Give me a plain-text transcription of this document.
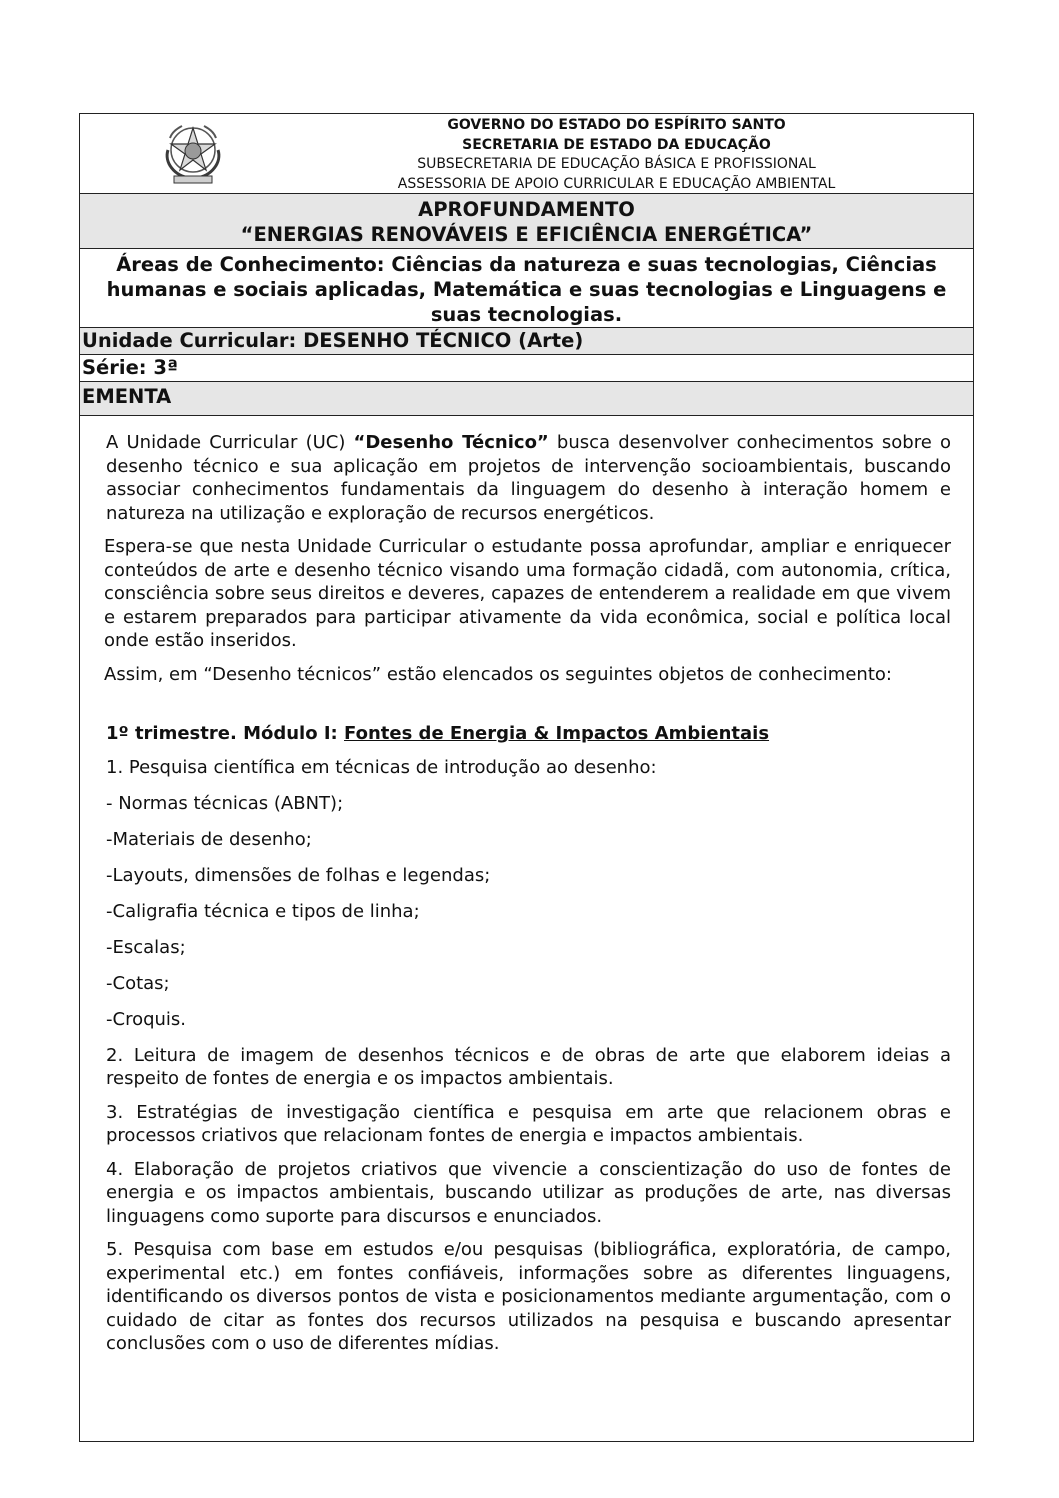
GOVERNO DO ESTADO DO ESPÍRITO SANTO
SECRETARIA DE ESTADO DA EDUCAÇÃO
SUBSECRETARIA DE EDUCAÇÃO BÁSICA E PROFISSIONAL
ASSESSORIA DE APOIO CURRICULAR E EDUCAÇÃO AMBIENTAL
APROFUNDAMENTO
“ENERGIAS RENOVÁVEIS E EFICIÊNCIA ENERGÉTICA”
Áreas de Conhecimento: Ciências da natureza e suas tecnologias, Ciências humanas e sociais aplicadas, Matemática e suas tecnologias e Linguagens e suas tecnologias.
Unidade Curricular: DESENHO TÉCNICO (Arte)
Série: 3ª
EMENTA

A Unidade Curricular (UC) “Desenho Técnico” busca desenvolver conhecimentos sobre o desenho técnico e sua aplicação em projetos de intervenção socioambientais, buscando associar conhecimentos fundamentais da linguagem do desenho à interação homem e natureza na utilização e exploração de recursos energéticos.

Espera-se que nesta Unidade Curricular o estudante possa aprofundar, ampliar e enriquecer conteúdos de arte e desenho técnico visando uma formação cidadã, com autonomia, crítica, consciência sobre seus direitos e deveres, capazes de entenderem a realidade em que vivem e estarem preparados para participar ativamente da vida econômica, social e política local onde estão inseridos.

Assim, em “Desenho técnicos” estão elencados os seguintes objetos de conhecimento:

1º trimestre. Módulo I: Fontes de Energia & Impactos Ambientais

1. Pesquisa científica em técnicas de introdução ao desenho:

- Normas técnicas (ABNT);

-Materiais de desenho;

-Layouts, dimensões de folhas e legendas;

-Caligrafia técnica e tipos de linha;

-Escalas;

-Cotas;

-Croquis.

2. Leitura de imagem de desenhos técnicos e de obras de arte que elaborem ideias a respeito de fontes de energia e os impactos ambientais.

3. Estratégias de investigação científica e pesquisa em arte que relacionem obras e processos criativos que relacionam fontes de energia e impactos ambientais.

4. Elaboração de projetos criativos que vivencie a conscientização do uso de fontes de energia e os impactos ambientais, buscando utilizar as produções de arte, nas diversas linguagens como suporte para discursos e enunciados.

5. Pesquisa com base em estudos e/ou pesquisas (bibliográfica, exploratória, de campo, experimental etc.) em fontes confiáveis, informações sobre as diferentes linguagens, identificando os diversos pontos de vista e posicionamentos mediante argumentação, com o cuidado de citar as fontes dos recursos utilizados na pesquisa e buscando apresentar conclusões com o uso de diferentes mídias.
